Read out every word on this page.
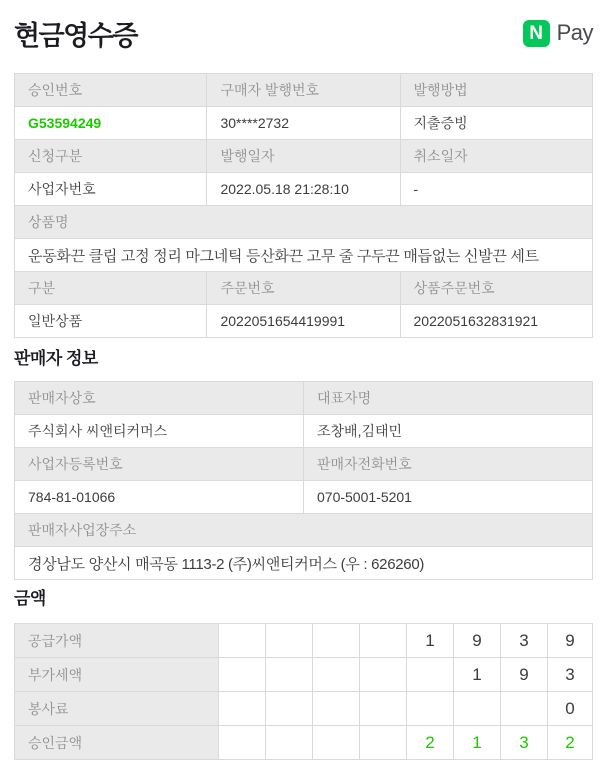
현금영수증	N Pay
승인번호	구매자 발행번호	발행방법
G53594249	30****2732	지출증빙
신청구분	발행일자	취소일자
사업자번호	2022.05.18 21:28:10	-
상품명		
운동화끈 클립 고정 정리 마그네틱 등산화끈 고무 줄 구두끈 매듭없는 신발끈 세트		
구분	주문번호	상품주문번호
일반상품	2022051654419991	2022051632831921
판매자 정보
판매자상호	대표자명
주식회사 씨앤티커머스	조창배,김태민
사업자등록번호	판매자전화번호
784-81-01066	070-5001-5201
판매자사업장주소	
경상남도 양산시 매곡동 1113-2 (주)씨앤티커머스 (우 : 626260)	
금액
공급가액					1	9	3	9
부가세액						1	9	3
봉사료								0
승인금액					2	1	3	2
